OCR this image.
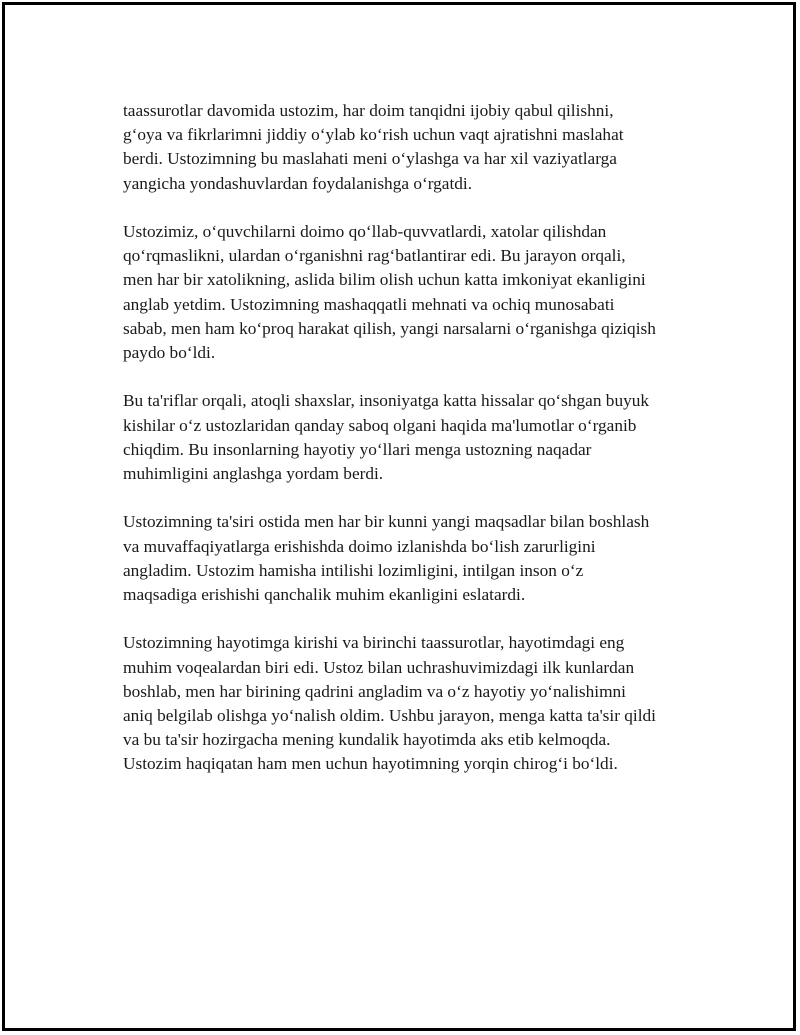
taassurotlar davomida ustozim, har doim tanqidni ijobiy qabul qilishni,
g‘oya va fikrlarimni jiddiy o‘ylab ko‘rish uchun vaqt ajratishni maslahat
berdi. Ustozimning bu maslahati meni o‘ylashga va har xil vaziyatlarga
yangicha yondashuvlardan foydalanishga o‘rgatdi.

Ustozimiz, o‘quvchilarni doimo qo‘llab-quvvatlardi, xatolar qilishdan
qo‘rqmaslikni, ulardan o‘rganishni rag‘batlantirar edi. Bu jarayon orqali,
men har bir xatolikning, aslida bilim olish uchun katta imkoniyat ekanligini
anglab yetdim. Ustozimning mashaqqatli mehnati va ochiq munosabati
sabab, men ham ko‘proq harakat qilish, yangi narsalarni o‘rganishga qiziqish
paydo bo‘ldi.

Bu ta'riflar orqali, atoqli shaxslar, insoniyatga katta hissalar qo‘shgan buyuk
kishilar o‘z ustozlaridan qanday saboq olgani haqida ma'lumotlar o‘rganib
chiqdim. Bu insonlarning hayotiy yo‘llari menga ustozning naqadar
muhimligini anglashga yordam berdi.

Ustozimning ta'siri ostida men har bir kunni yangi maqsadlar bilan boshlash
va muvaffaqiyatlarga erishishda doimo izlanishda bo‘lish zarurligini
angladim. Ustozim hamisha intilishi lozimligini, intilgan inson o‘z
maqsadiga erishishi qanchalik muhim ekanligini eslatardi.

Ustozimning hayotimga kirishi va birinchi taassurotlar, hayotimdagi eng
muhim voqealardan biri edi. Ustoz bilan uchrashuvimizdagi ilk kunlardan
boshlab, men har birining qadrini angladim va o‘z hayotiy yo‘nalishimni
aniq belgilab olishga yo‘nalish oldim. Ushbu jarayon, menga katta ta'sir qildi
va bu ta'sir hozirgacha mening kundalik hayotimda aks etib kelmoqda.
Ustozim haqiqatan ham men uchun hayotimning yorqin chirog‘i bo‘ldi.
